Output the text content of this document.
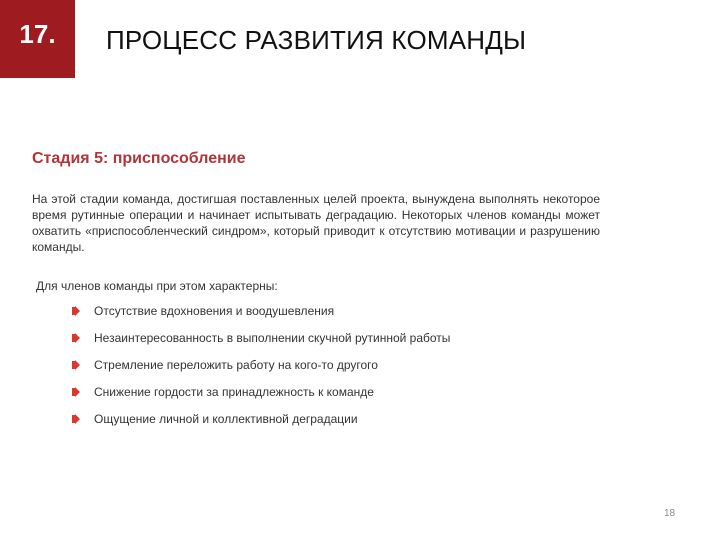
17. ПРОЦЕСС РАЗВИТИЯ КОМАНДЫ
Стадия 5: приспособление
На этой стадии команда, достигшая поставленных целей проекта, вынуждена выполнять некоторое время рутинные операции и начинает испытывать деградацию. Некоторых членов команды может охватить «приспособленческий синдром», который приводит к отсутствию мотивации и разрушению команды.
Для членов команды при этом характерны:
Отсутствие вдохновения и воодушевления
Незаинтересованность в выполнении скучной рутинной работы
Стремление переложить работу на кого-то другого
Снижение гордости за принадлежность к команде
Ощущение личной и коллективной деградации
18
